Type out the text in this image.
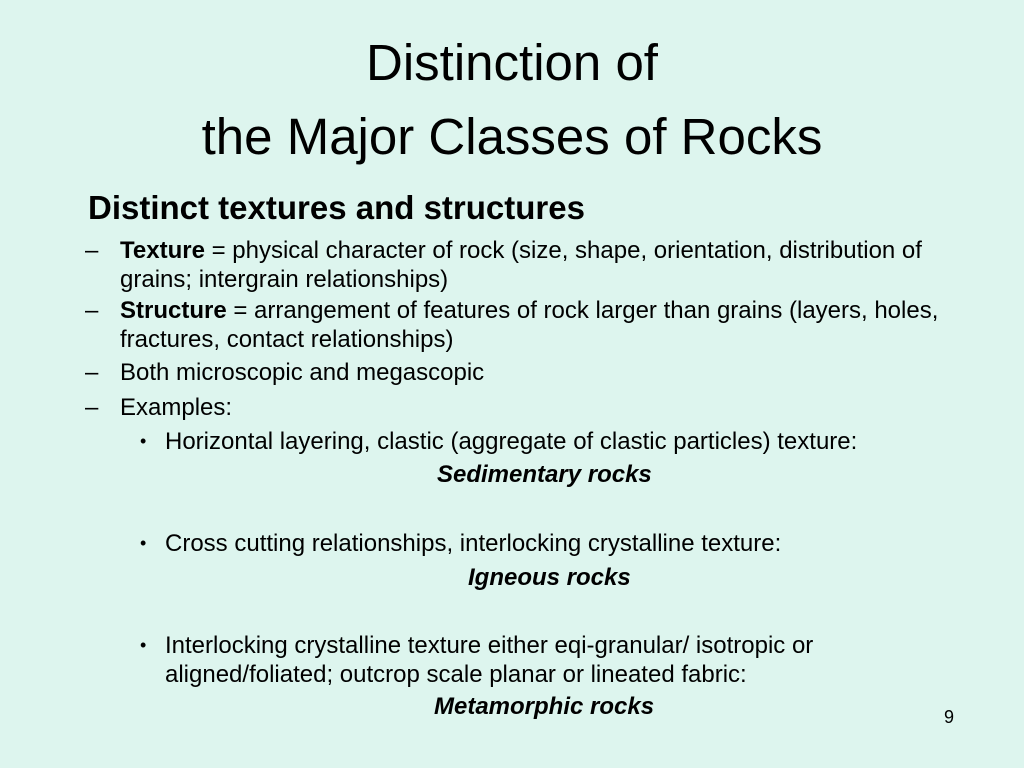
Distinction of
the Major Classes of Rocks
Distinct textures and structures
– Texture = physical character of rock (size, shape, orientation, distribution of grains; intergrain relationships)
– Structure = arrangement of features of rock larger than grains (layers, holes, fractures, contact relationships)
– Both microscopic and megascopic
– Examples:
• Horizontal layering, clastic (aggregate of clastic particles) texture:
Sedimentary rocks
• Cross cutting relationships, interlocking crystalline texture:
Igneous rocks
• Interlocking crystalline texture either eqi-granular/ isotropic or aligned/foliated; outcrop scale planar or lineated fabric:
Metamorphic rocks	9
